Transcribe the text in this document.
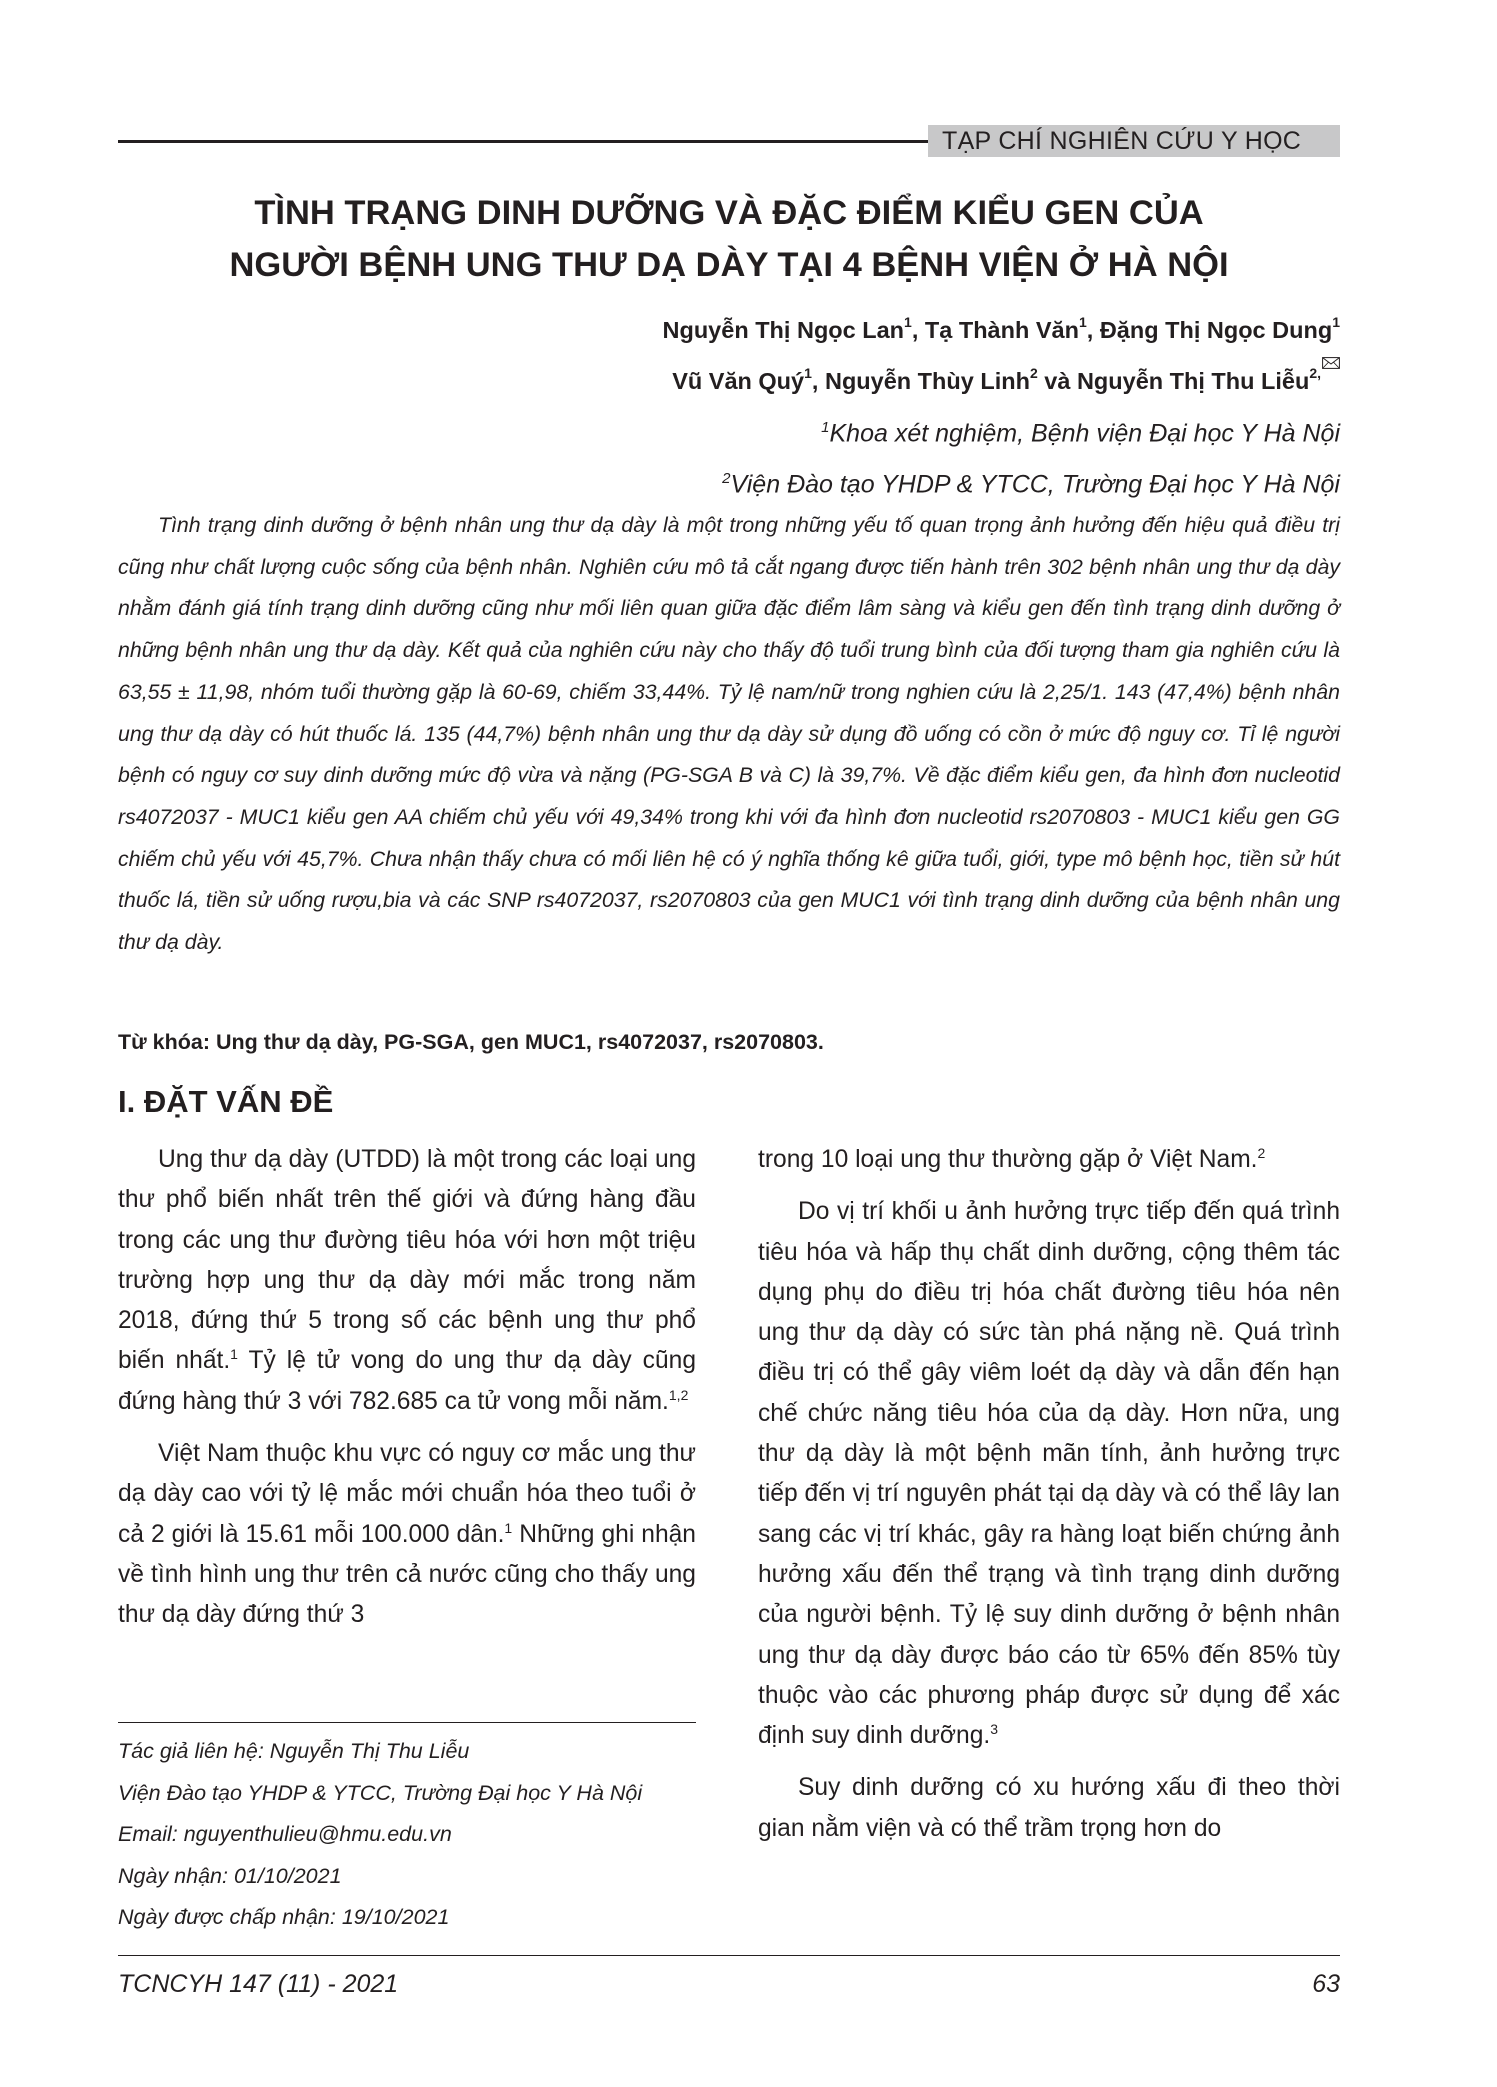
TẠP CHÍ NGHIÊN CỨU Y HỌC
TÌNH TRẠNG DINH DƯỠNG VÀ ĐẶC ĐIỂM KIỂU GEN CỦA
NGƯỜI BỆNH UNG THƯ DẠ DÀY TẠI 4 BỆNH VIỆN Ở HÀ NỘI
Nguyễn Thị Ngọc Lan$^1$, Tạ Thành Văn$^1$, Đặng Thị Ngọc Dung$^1$
Vũ Văn Quý$^1$, Nguyễn Thùy Linh$^2$ và Nguyễn Thị Thu Liễu$^{2,}$
$^1$Khoa xét nghiệm, Bệnh viện Đại học Y Hà Nội
$^2$Viện Đào tạo YHDP & YTCC, Trường Đại học Y Hà Nội
Tình trạng dinh dưỡng ở bệnh nhân ung thư dạ dày là một trong những yếu tố quan trọng ảnh hưởng đến hiệu quả điều trị cũng như chất lượng cuộc sống của bệnh nhân. Nghiên cứu mô tả cắt ngang được tiến hành trên 302 bệnh nhân ung thư dạ dày nhằm đánh giá tính trạng dinh dưỡng cũng như mối liên quan giữa đặc điểm lâm sàng và kiểu gen đến tình trạng dinh dưỡng ở những bệnh nhân ung thư dạ dày. Kết quả của nghiên cứu này cho thấy độ tuổi trung bình của đối tượng tham gia nghiên cứu là 63,55 ± 11,98, nhóm tuổi thường gặp là 60-69, chiếm 33,44%. Tỷ lệ nam/nữ trong nghien cứu là 2,25/1. 143 (47,4%) bệnh nhân ung thư dạ dày có hút thuốc lá. 135 (44,7%) bệnh nhân ung thư dạ dày sử dụng đồ uống có cồn ở mức độ nguy cơ. Tỉ lệ người bệnh có nguy cơ suy dinh dưỡng mức độ vừa và nặng (PG-SGA B và C) là 39,7%. Về đặc điểm kiểu gen, đa hình đơn nucleotid rs4072037 - MUC1 kiểu gen AA chiếm chủ yếu với 49,34% trong khi với đa hình đơn nucleotid rs2070803 - MUC1 kiểu gen GG chiếm chủ yếu với 45,7%. Chưa nhận thấy chưa có mối liên hệ có ý nghĩa thống kê giữa tuổi, giới, type mô bệnh học, tiền sử hút thuốc lá, tiền sử uống rượu,bia và các SNP rs4072037, rs2070803 của gen MUC1 với tình trạng dinh dưỡng của bệnh nhân ung thư dạ dày.
Từ khóa: Ung thư dạ dày, PG-SGA, gen MUC1, rs4072037, rs2070803.
I. ĐẶT VẤN ĐỀ

Ung thư dạ dày (UTDD) là một trong các loại ung thư phổ biến nhất trên thế giới và đứng hàng đầu trong các ung thư đường tiêu hóa với hơn một triệu trường hợp ung thư dạ dày mới mắc trong năm 2018, đứng thứ 5 trong số các bệnh ung thư phổ biến nhất.$^1$ Tỷ lệ tử vong do ung thư dạ dày cũng đứng hàng thứ 3 với 782.685 ca tử vong mỗi năm.$^{1,2}$

Việt Nam thuộc khu vực có nguy cơ mắc ung thư dạ dày cao với tỷ lệ mắc mới chuẩn hóa theo tuổi ở cả 2 giới là 15.61 mỗi 100.000 dân.$^1$ Những ghi nhận về tình hình ung thư trên cả nước cũng cho thấy ung thư dạ dày đứng thứ 3

trong 10 loại ung thư thường gặp ở Việt Nam.$^2$

Do vị trí khối u ảnh hưởng trực tiếp đến quá trình tiêu hóa và hấp thụ chất dinh dưỡng, cộng thêm tác dụng phụ do điều trị hóa chất đường tiêu hóa nên ung thư dạ dày có sức tàn phá nặng nề. Quá trình điều trị có thể gây viêm loét dạ dày và dẫn đến hạn chế chức năng tiêu hóa của dạ dày. Hơn nữa, ung thư dạ dày là một bệnh mãn tính, ảnh hưởng trực tiếp đến vị trí nguyên phát tại dạ dày và có thể lây lan sang các vị trí khác, gây ra hàng loạt biến chứng ảnh hưởng xấu đến thể trạng và tình trạng dinh dưỡng của người bệnh. Tỷ lệ suy dinh dưỡng ở bệnh nhân ung thư dạ dày được báo cáo từ 65% đến 85% tùy thuộc vào các phương pháp được sử dụng để xác định suy dinh dưỡng.$^3$

Suy dinh dưỡng có xu hướng xấu đi theo thời gian nằm viện và có thể trầm trọng hơn do

Tác giả liên hệ: Nguyễn Thị Thu Liễu
Viện Đào tạo YHDP & YTCC, Trường Đại học Y Hà Nội
Email: nguyenthulieu@hmu.edu.vn
Ngày nhận: 01/10/2021
Ngày được chấp nhận: 19/10/2021
TCNCYH 147 (11) - 2021	63
